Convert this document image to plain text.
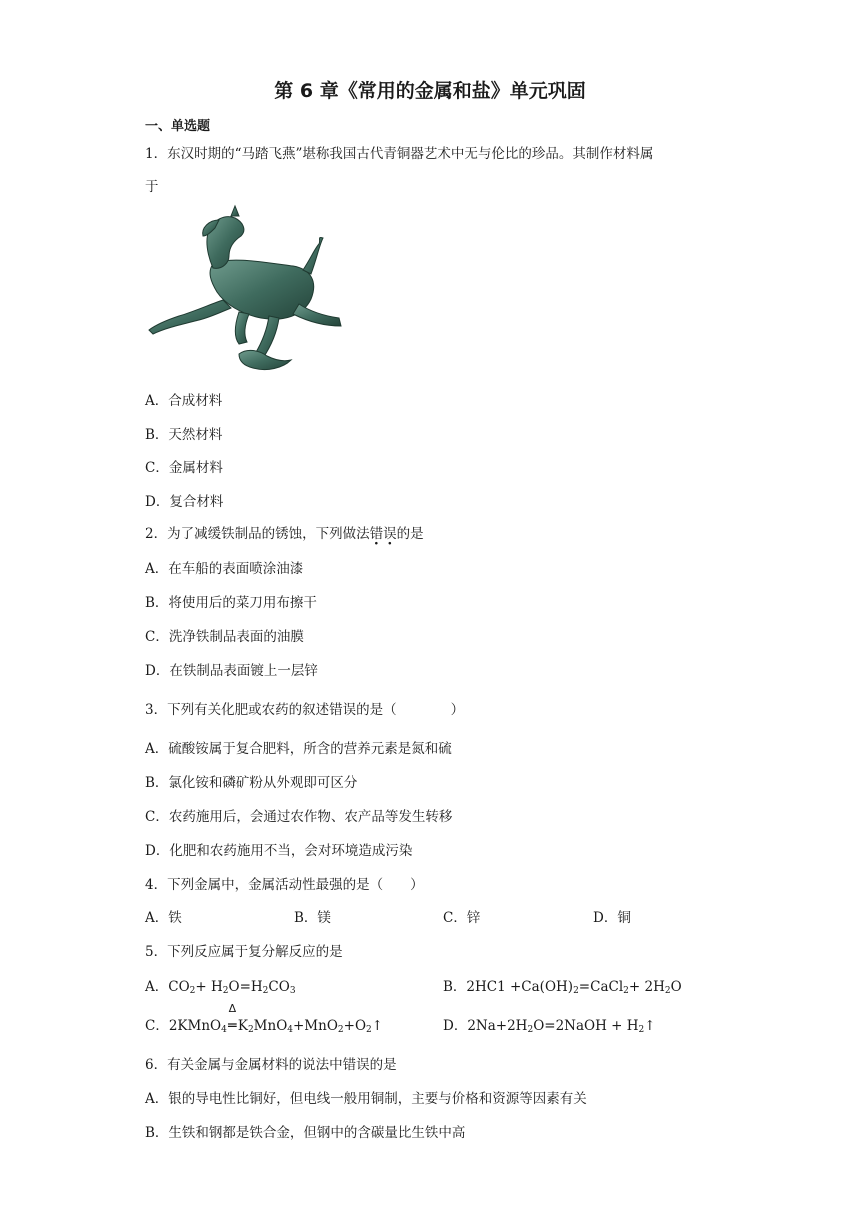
第 6 章《常用的金属和盐》单元巩固
一、单选题
1．东汉时期的“马踏飞燕”堪称我国古代青铜器艺术中无与伦比的珍品。其制作材料属
于
A．合成材料
B．天然材料
C．金属材料
D．复合材料
2．为了减缓铁制品的锈蚀，下列做法错误的是
A．在车船的表面喷涂油漆
B．将使用后的菜刀用布擦干
C．洗净铁制品表面的油膜
D．在铁制品表面镀上一层锌
3．下列有关化肥或农药的叙述错误的是（　　　　）
A．硫酸铵属于复合肥料，所含的营养元素是氮和硫
B．氯化铵和磷矿粉从外观即可区分
C．农药施用后，会通过农作物、农产品等发生转移
D．化肥和农药施用不当，会对环境造成污染
4．下列金属中，金属活动性最强的是（　　）
A．铁	B．镁	C．锌	D．铜
5．下列反应属于复分解反应的是
A．$CO_2+ H_2O=H_2CO_3$	B．$2HC1 +Ca(OH)_2=CaCl_2+ 2H_2O$
C．2KMnO$_4$
Δ
$═K_2MnO_4+MnO_2+O_2↑$	D．$2Na+2H_2O=2NaOH$ + $H_2↑$
6．有关金属与金属材料的说法中错误的是
A．银的导电性比铜好，但电线一般用铜制，主要与价格和资源等因素有关
B．生铁和钢都是铁合金，但钢中的含碳量比生铁中高
